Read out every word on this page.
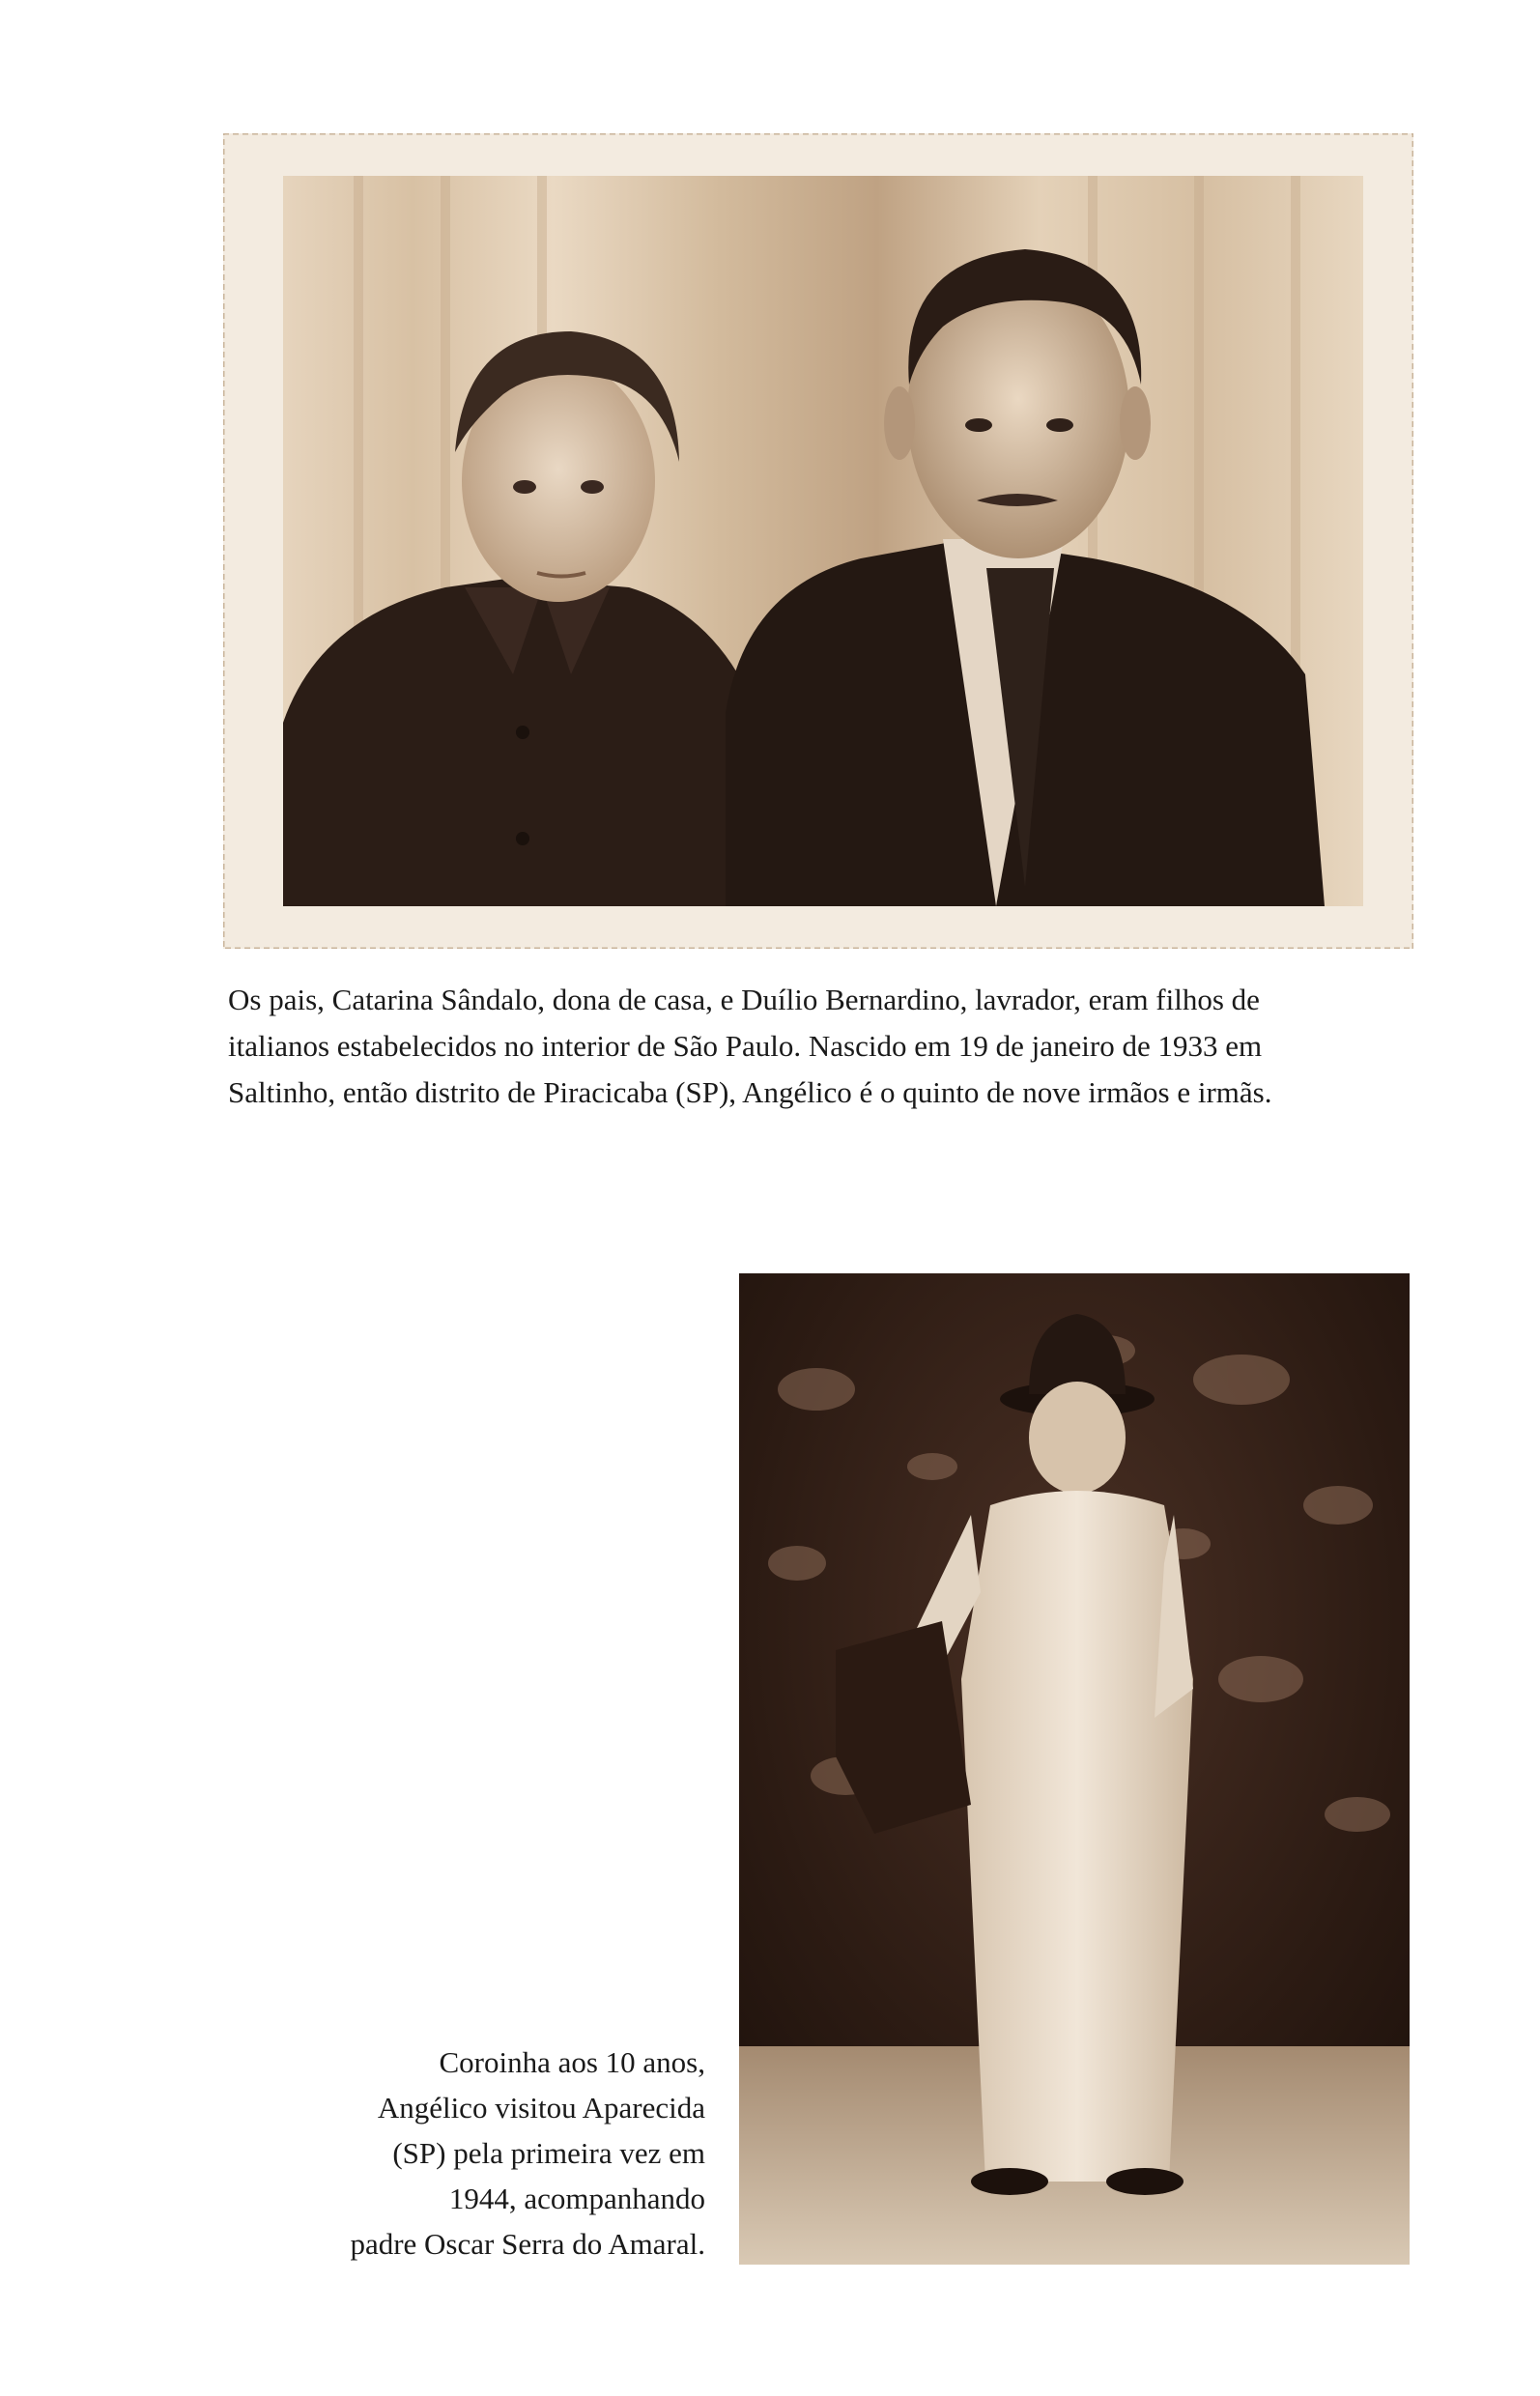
Os pais, Catarina Sândalo, dona de casa, e Duílio Bernardino, lavrador, eram filhos de
italianos estabelecidos no interior de São Paulo. Nascido em 19 de janeiro de 1933 em
Saltinho, então distrito de Piracicaba (SP), Angélico é o quinto de nove irmãos e irmãs.

Coroinha aos 10 anos,
Angélico visitou Aparecida
(SP) pela primeira vez em
1944, acompanhando
padre Oscar Serra do Amaral.
